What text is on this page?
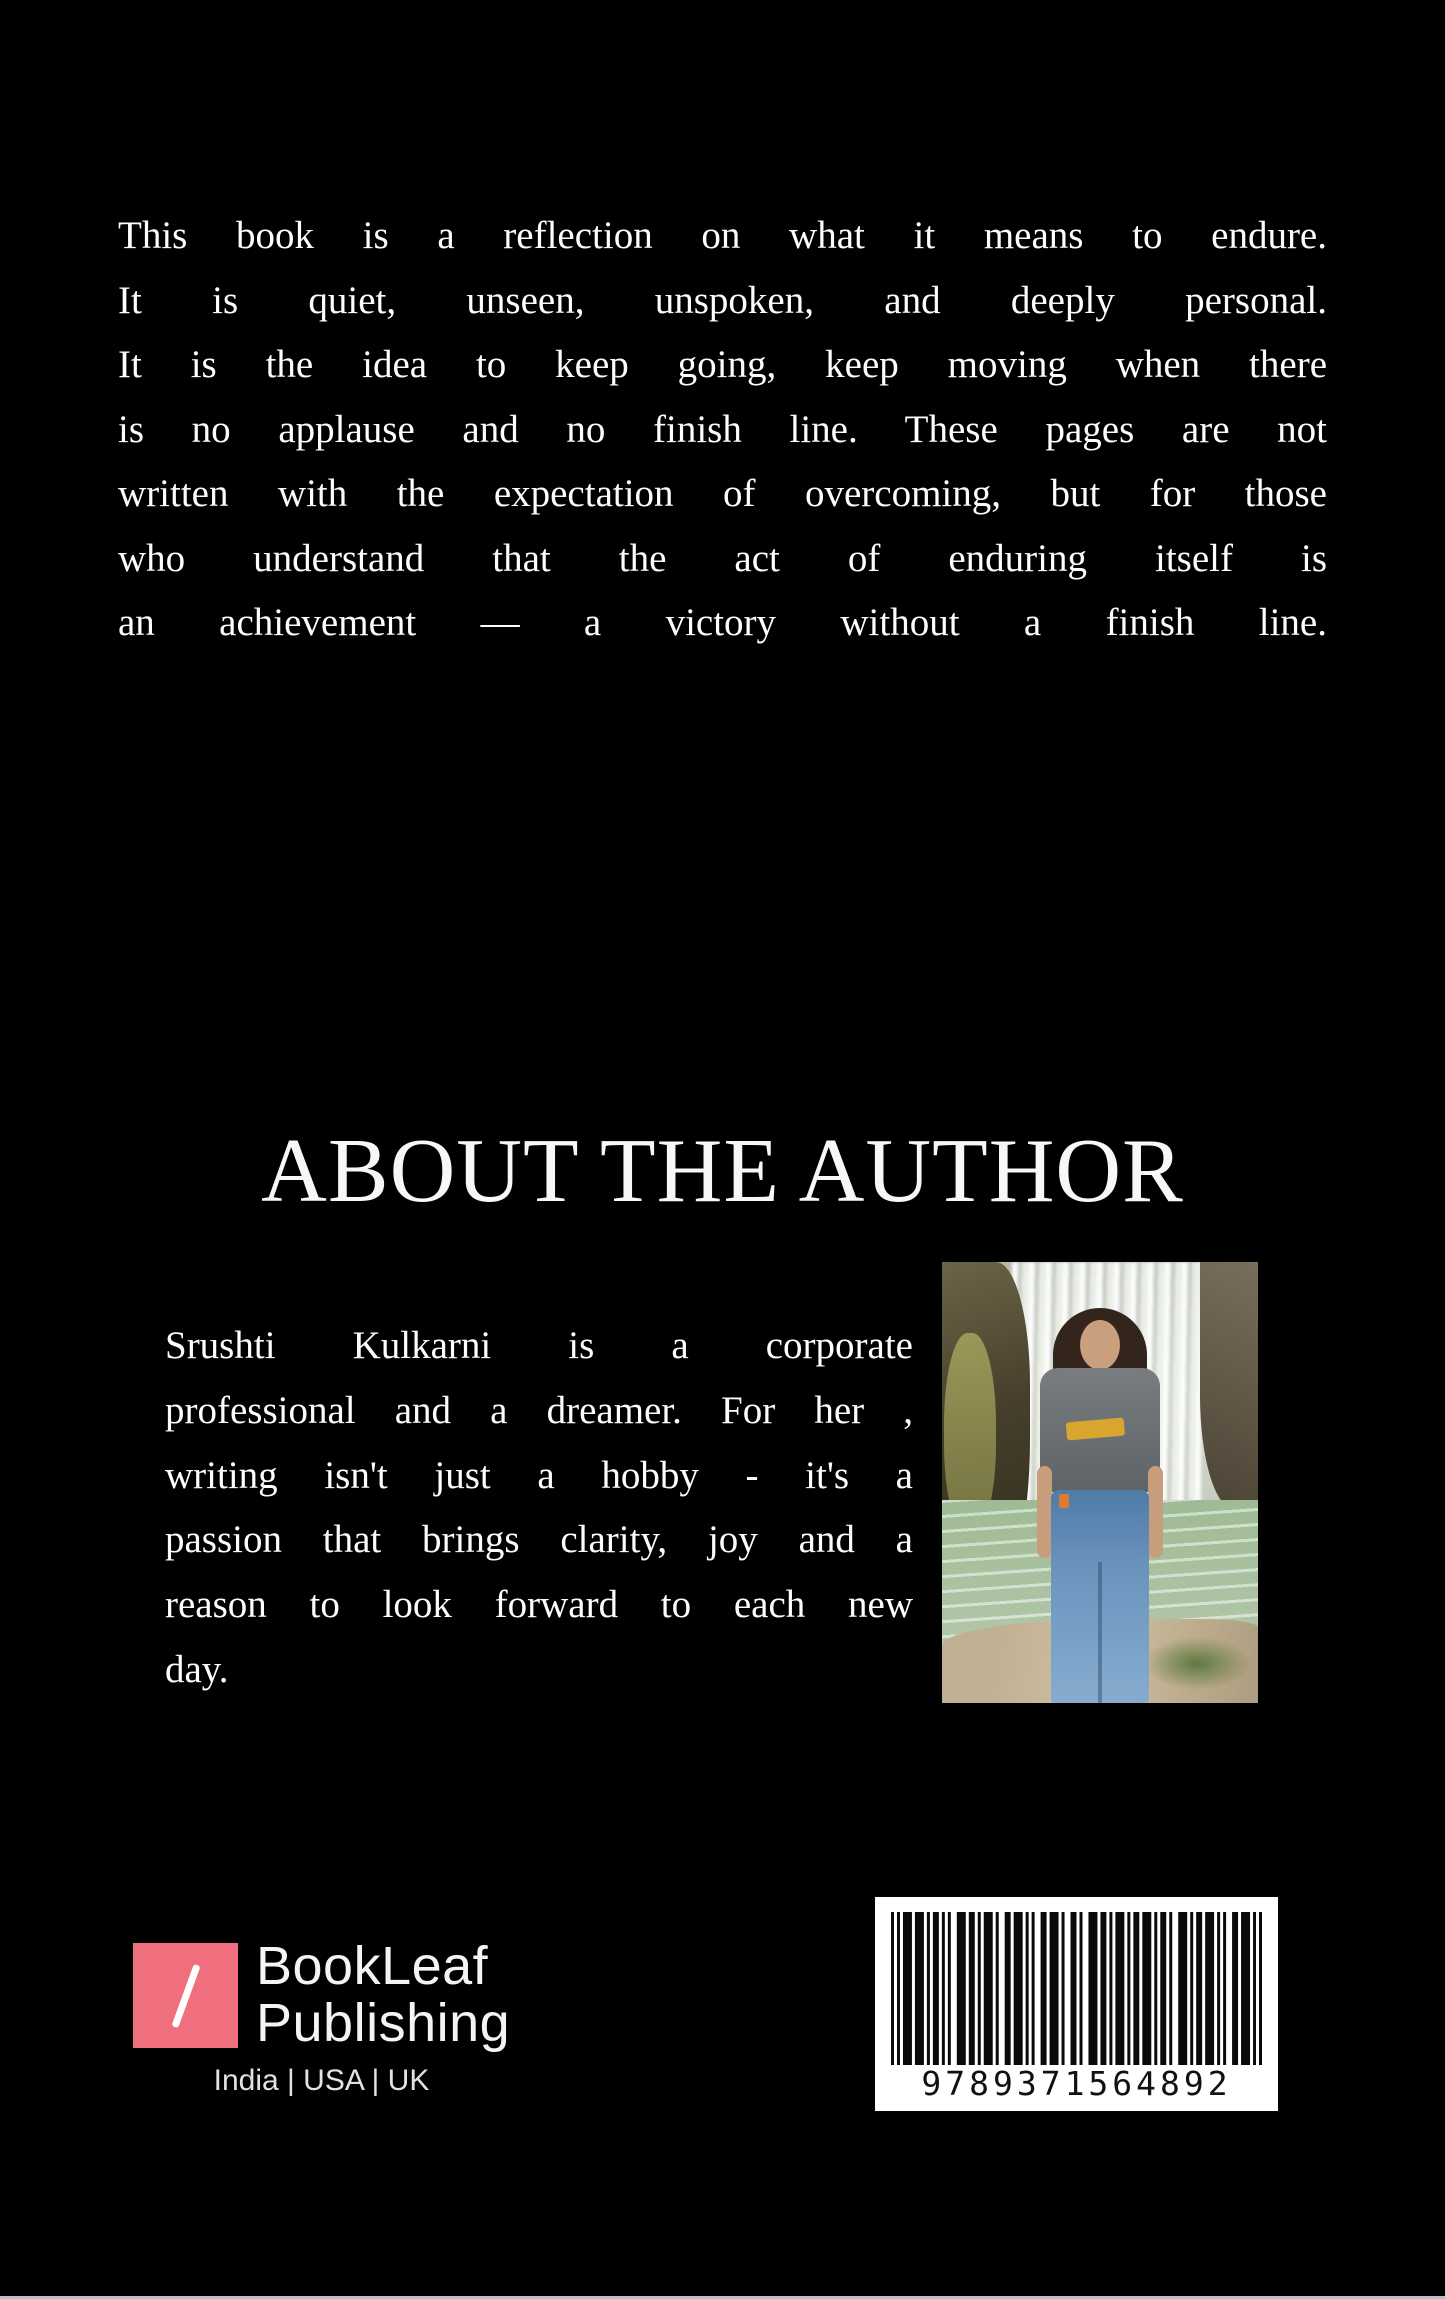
This book is a reflection on what it means to endure.
It is quiet, unseen, unspoken, and deeply personal.
It is the idea to keep going, keep moving when there
is no applause and no finish line. These pages are not
written with the expectation of overcoming, but for those
who understand that the act of enduring itself is
an achievement — a victory without a finish line.
ABOUT THE AUTHOR
Srushti Kulkarni is a corporate
professional and a dreamer. For her ,
writing isn't just a hobby - it's a
passion that brings clarity, joy and a
reason to look forward to each new
day.
BookLeaf
Publishing
India | USA | UK	9789371564892
